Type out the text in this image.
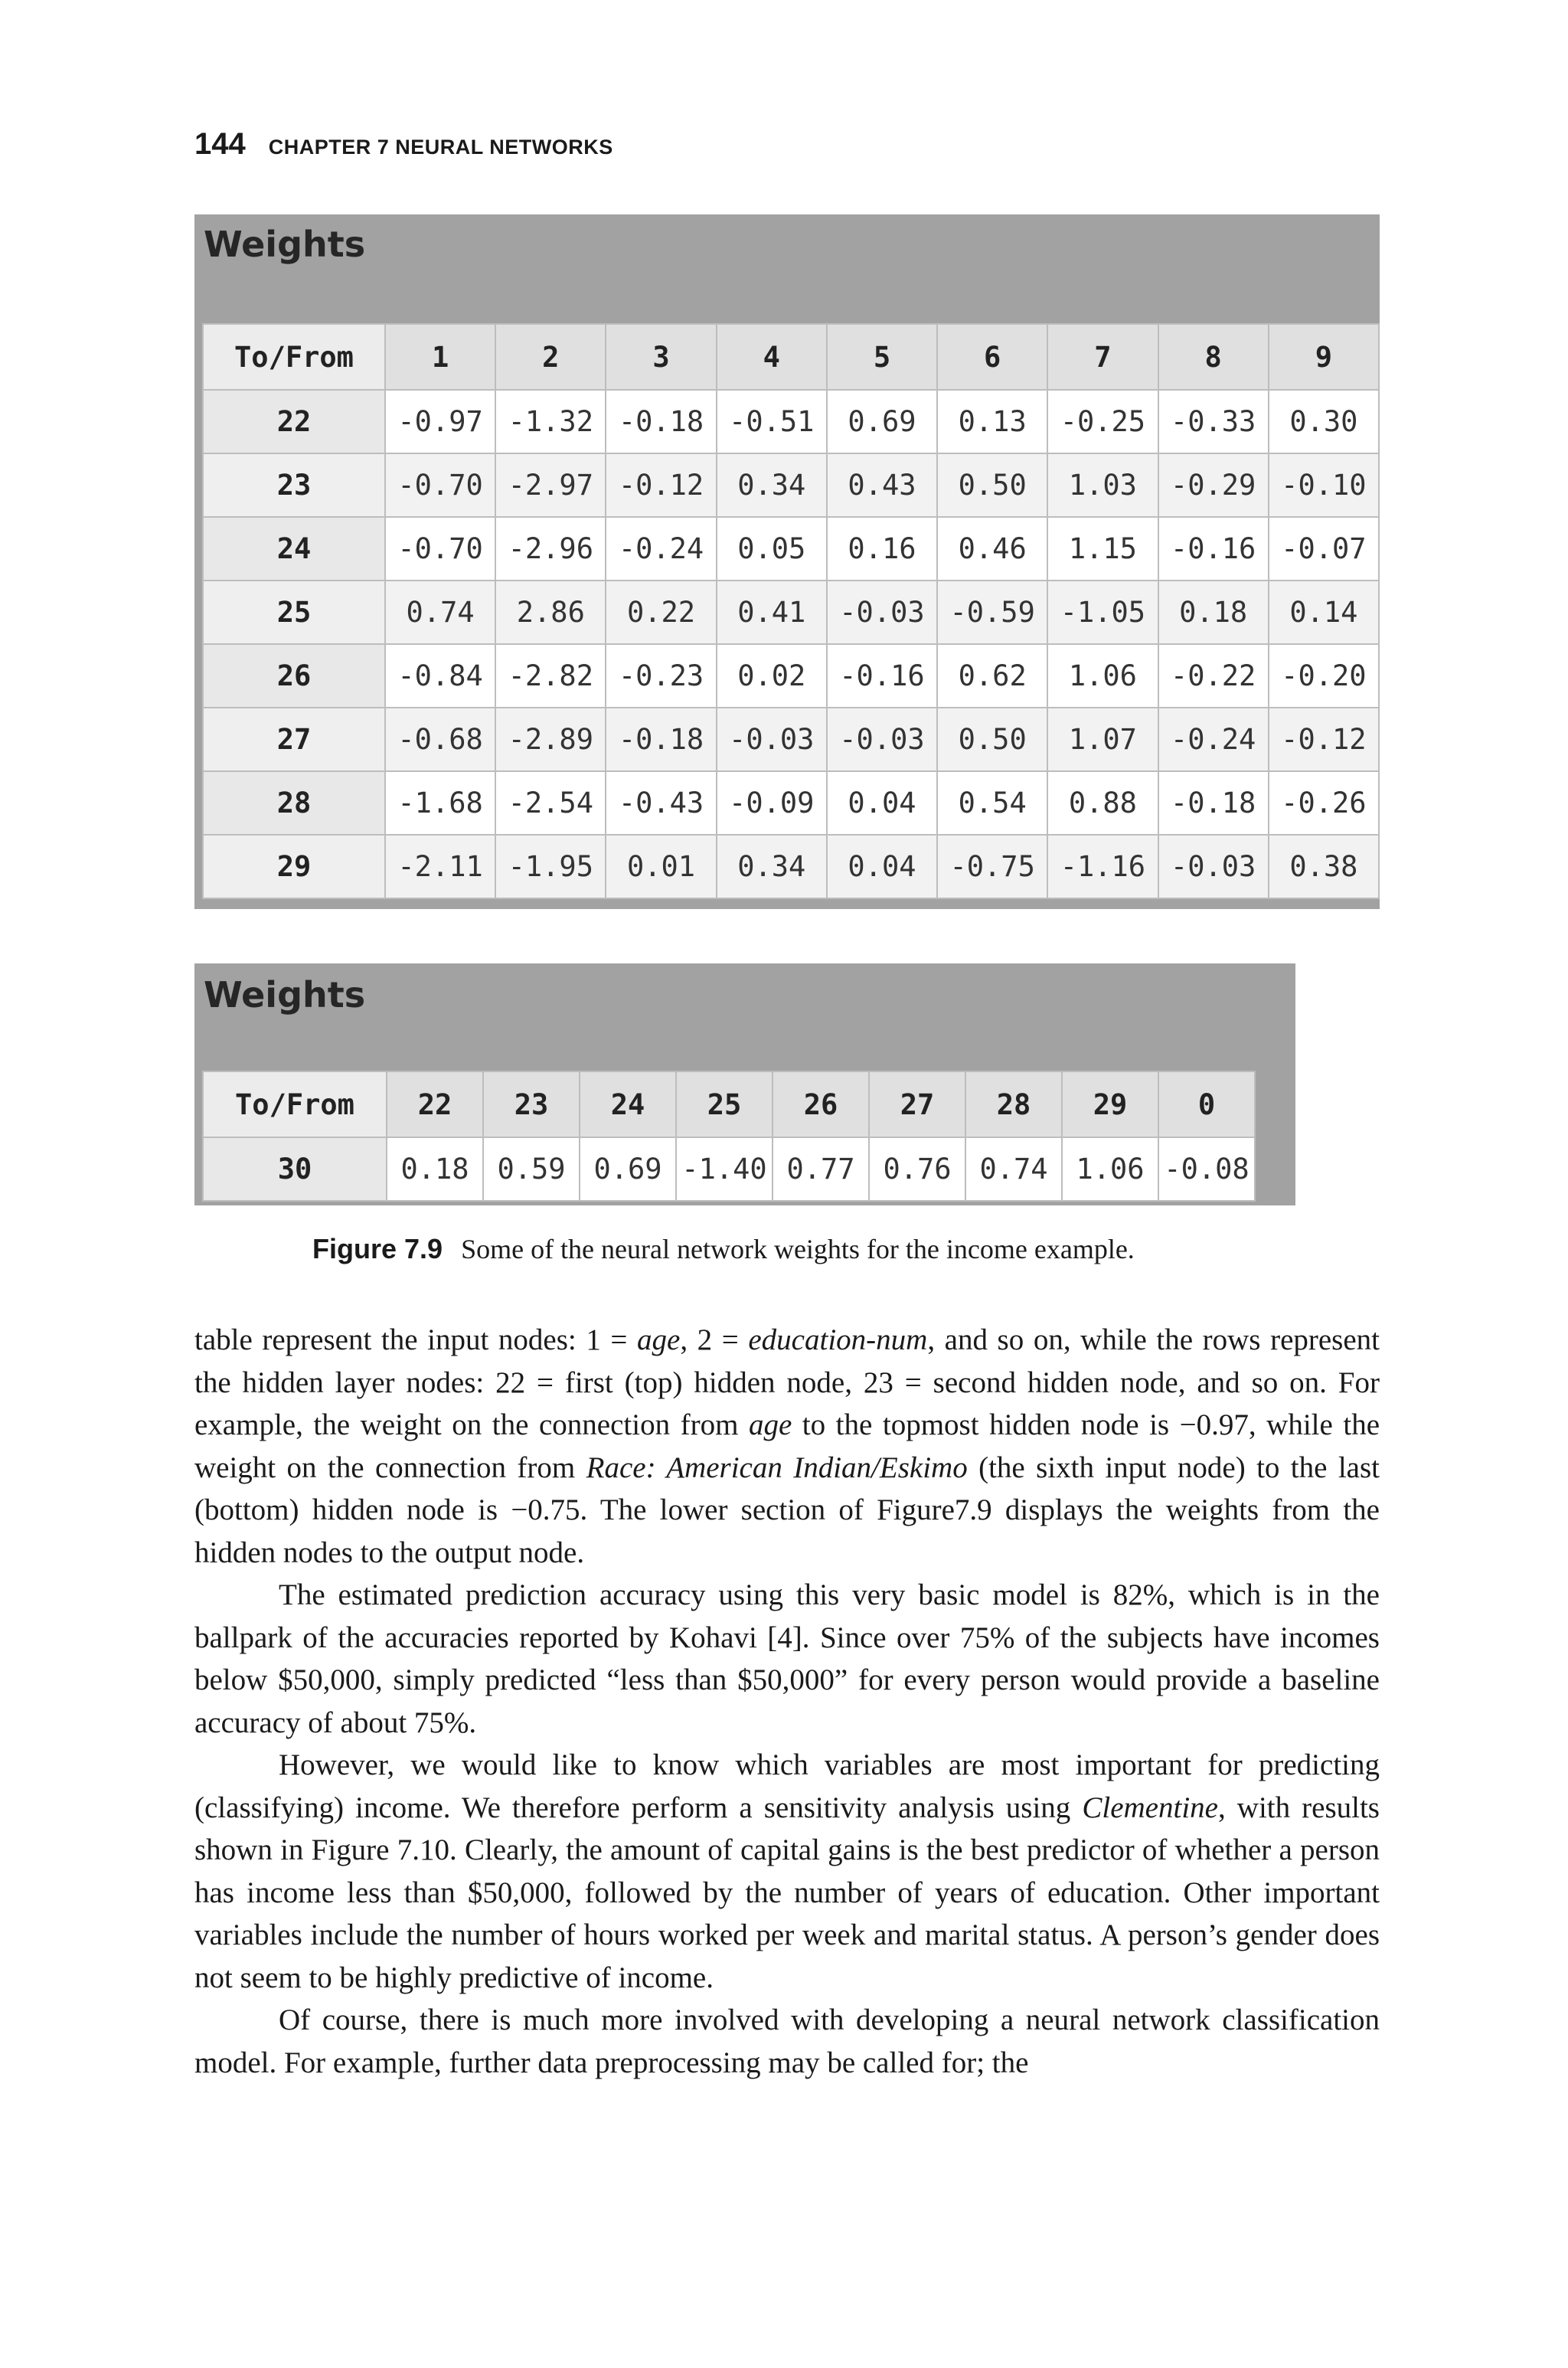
144 CHAPTER 7 NEURAL NETWORKS
Weights
To/From	1	2	3	4	5	6	7	8	9
22	-0.97	-1.32	-0.18	-0.51	0.69	0.13	-0.25	-0.33	0.30
23	-0.70	-2.97	-0.12	0.34	0.43	0.50	1.03	-0.29	-0.10
24	-0.70	-2.96	-0.24	0.05	0.16	0.46	1.15	-0.16	-0.07
25	0.74	2.86	0.22	0.41	-0.03	-0.59	-1.05	0.18	0.14
26	-0.84	-2.82	-0.23	0.02	-0.16	0.62	1.06	-0.22	-0.20
27	-0.68	-2.89	-0.18	-0.03	-0.03	0.50	1.07	-0.24	-0.12
28	-1.68	-2.54	-0.43	-0.09	0.04	0.54	0.88	-0.18	-0.26
29	-2.11	-1.95	0.01	0.34	0.04	-0.75	-1.16	-0.03	0.38
Weights
To/From	22	23	24	25	26	27	28	29	0
30	0.18	0.59	0.69	-1.40	0.77	0.76	0.74	1.06	-0.08
Figure 7.9 Some of the neural network weights for the income example.

table represent the input nodes: 1 = age, 2 = education-num, and so on, while the rows represent the hidden layer nodes: 22 = first (top) hidden node, 23 = second hidden node, and so on. For example, the weight on the connection from age to the topmost hidden node is −0.97, while the weight on the connection from Race: American Indian/Eskimo (the sixth input node) to the last (bottom) hidden node is −0.75. The lower section of Figure7.9 displays the weights from the hidden nodes to the output node.

The estimated prediction accuracy using this very basic model is 82%, which is in the ballpark of the accuracies reported by Kohavi [4]. Since over 75% of the subjects have incomes below $50,000, simply predicted “less than $50,000” for every person would provide a baseline accuracy of about 75%.

However, we would like to know which variables are most important for predicting (classifying) income. We therefore perform a sensitivity analysis using Clementine, with results shown in Figure 7.10. Clearly, the amount of capital gains is the best predictor of whether a person has income less than $50,000, followed by the number of years of education. Other important variables include the number of hours worked per week and marital status. A person’s gender does not seem to be highly predictive of income.

Of course, there is much more involved with developing a neural network classification model. For example, further data preprocessing may be called for; the
